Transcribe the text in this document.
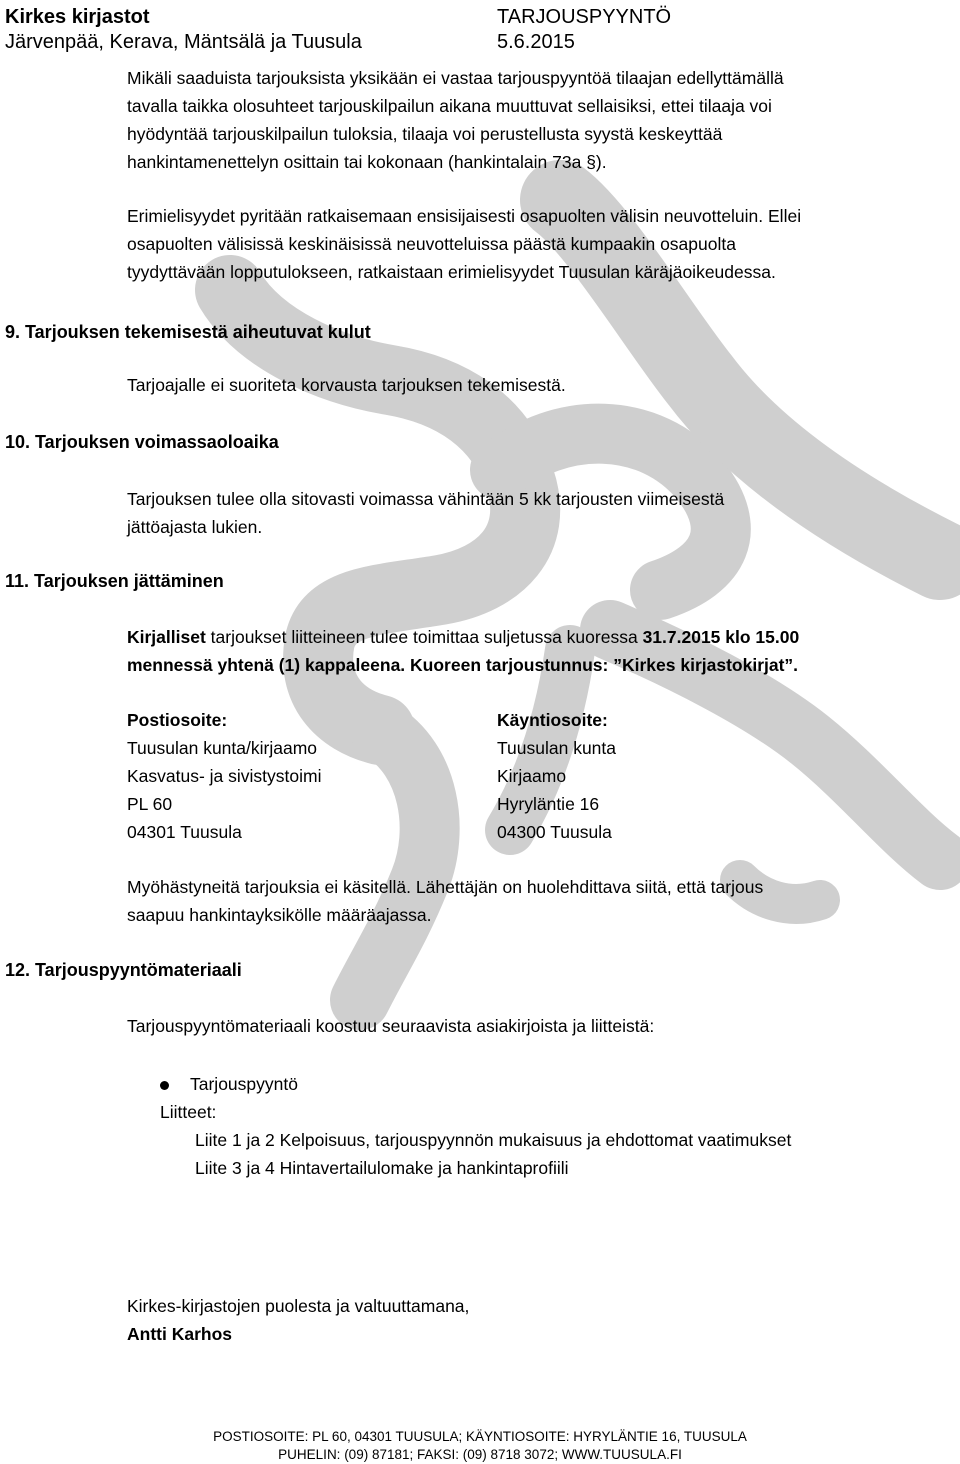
Kirkes kirjastot
Järvenpää, Kerava, Mäntsälä ja Tuusula
TARJOUSPYYNTÖ
5.6.2015
Mikäli saaduista tarjouksista yksikään ei vastaa tarjouspyyntöä tilaajan edellyttämällä
tavalla taikka olosuhteet tarjouskilpailun aikana muuttuvat sellaisiksi, ettei tilaaja voi
hyödyntää tarjouskilpailun tuloksia, tilaaja voi perustellusta syystä keskeyttää
hankintamenettelyn osittain tai kokonaan (hankintalain 73a §).
Erimielisyydet pyritään ratkaisemaan ensisijaisesti osapuolten välisin neuvotteluin. Ellei
osapuolten välisissä keskinäisissä neuvotteluissa päästä kumpaakin osapuolta
tyydyttävään lopputulokseen, ratkaistaan erimielisyydet Tuusulan käräjäoikeudessa.
9. Tarjouksen tekemisestä aiheutuvat kulut
Tarjoajalle ei suoriteta korvausta tarjouksen tekemisestä.
10. Tarjouksen voimassaoloaika
Tarjouksen tulee olla sitovasti voimassa vähintään 5 kk tarjousten viimeisestä
jättöajasta lukien.
11. Tarjouksen jättäminen
Kirjalliset tarjoukset liitteineen tulee toimittaa suljetussa kuoressa 31.7.2015 klo 15.00
mennessä yhtenä (1) kappaleena. Kuoreen tarjoustunnus: ”Kirkes kirjastokirjat”.
Postiosoite:
Tuusulan kunta/kirjaamo
Kasvatus- ja sivistystoimi
PL 60
04301 Tuusula
Käyntiosoite:
Tuusulan kunta
Kirjaamo
Hyryläntie 16
04300 Tuusula
Myöhästyneitä tarjouksia ei käsitellä. Lähettäjän on huolehdittava siitä, että tarjous
saapuu hankintayksikölle määräajassa.
12. Tarjouspyyntömateriaali
Tarjouspyyntömateriaali koostuu seuraavista asiakirjoista ja liitteistä:
Tarjouspyyntö
Liitteet:
Liite 1 ja 2 Kelpoisuus, tarjouspyynnön mukaisuus ja ehdottomat vaatimukset
Liite 3 ja 4 Hintavertailulomake ja hankintaprofiili
Kirkes-kirjastojen puolesta ja valtuuttamana,
Antti Karhos
POSTIOSOITE: PL 60, 04301 TUUSULA; KÄYNTIOSOITE: HYRYLÄNTIE 16, TUUSULA
PUHELIN: (09) 87181; FAKSI: (09) 8718 3072; WWW.TUUSULA.FI
